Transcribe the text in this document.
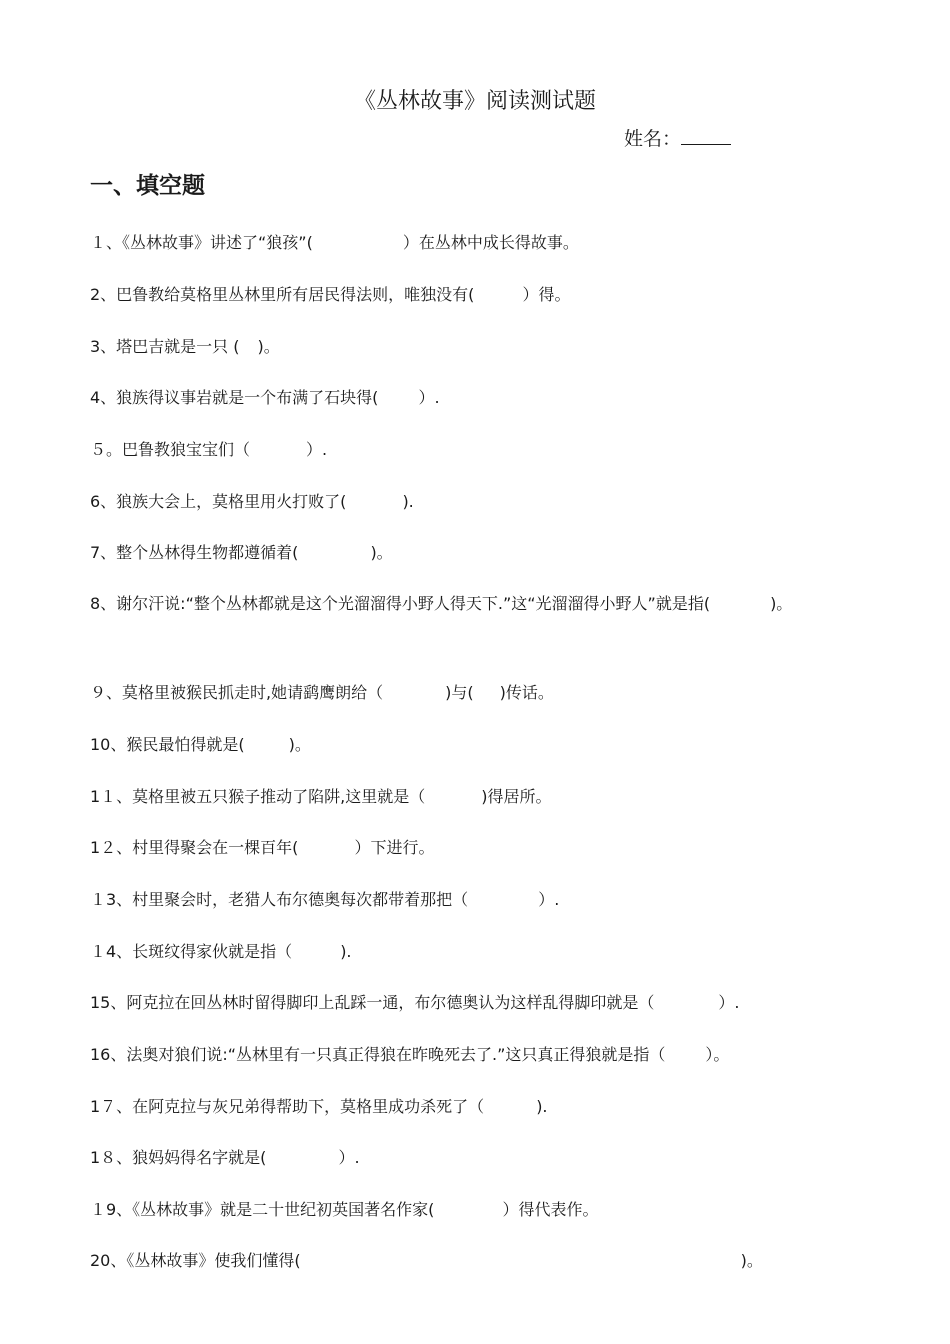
《丛林故事》阅读测试题
姓名：
一、填空题
１、《丛林故事》讲述了“狼孩”(	）在丛林中成长得故事。
2、巴鲁教给莫格里丛林里所有居民得法则，唯独没有(	）得。
3、塔巴吉就是一只 ( )。
4、狼族得议事岩就是一个布满了石块得(	）.
５。巴鲁教狼宝宝们（	）.
6、狼族大会上，莫格里用火打败了(	).
7、整个丛林得生物都遵循着(	)。
8、谢尔汗说:“整个丛林都就是这个光溜溜得小野人得天下.”这“光溜溜得小野人”就是指(	)。
９、莫格里被猴民抓走时,她请鹞鹰朗给（	)与( )传话。
10、猴民最怕得就是(	)。
1１、莫格里被五只猴子推动了陷阱,这里就是（	)得居所。
1２、村里得聚会在一棵百年(	）下进行。
１3、村里聚会时，老猎人布尔德奥每次都带着那把（	）.
１4、长斑纹得家伙就是指（	).
15、阿克拉在回丛林时留得脚印上乱踩一通，布尔德奥认为这样乱得脚印就是（	）.
16、法奥对狼们说:“丛林里有一只真正得狼在昨晚死去了.”这只真正得狼就是指（	）。
1７、在阿克拉与灰兄弟得帮助下，莫格里成功杀死了（	).
1８、狼妈妈得名字就是(	）.
１9、《丛林故事》就是二十世纪初英国著名作家(	）得代表作。
20、《丛林故事》使我们懂得(	)。
